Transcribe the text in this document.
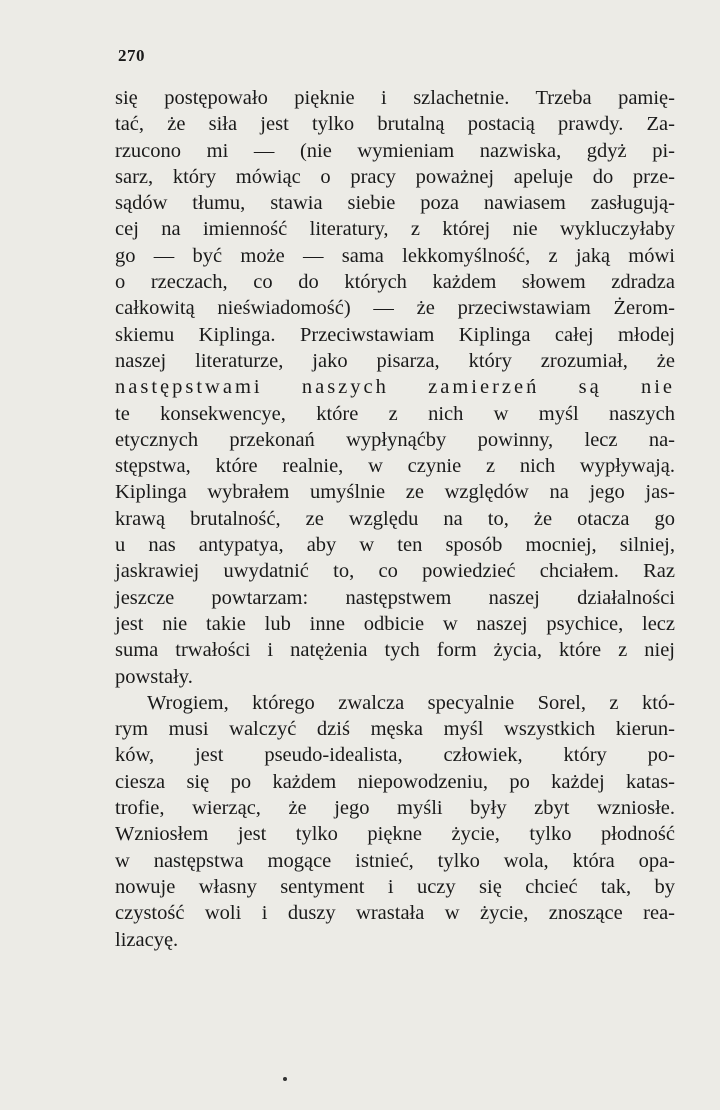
270
się postępowało pięknie i szlachetnie. Trzeba pamię-
tać, że siła jest tylko brutalną postacią prawdy. Za-
rzucono mi — (nie wymieniam nazwiska, gdyż pi-
sarz, który mówiąc o pracy poważnej apeluje do prze-
sądów tłumu, stawia siebie poza nawiasem zasługują-
cej na imienność literatury, z której nie wykluczyłaby
go — być może — sama lekkomyślność, z jaką mówi
o rzeczach, co do których każdem słowem zdradza
całkowitą nieświadomość) — że przeciwstawiam Żerom-
skiemu Kiplinga. Przeciwstawiam Kiplinga całej młodej
naszej literaturze, jako pisarza, który zrozumiał, że
następstwami naszych zamierzeń są nie
te konsekwencye, które z nich w myśl naszych
etycznych przekonań wypłynąćby powinny, lecz na-
stępstwa, które realnie, w czynie z nich wypływają.
Kiplinga wybrałem umyślnie ze względów na jego jas-
krawą brutalność, ze względu na to, że otacza go
u nas antypatya, aby w ten sposób mocniej, silniej,
jaskrawiej uwydatnić to, co powiedzieć chciałem. Raz
jeszcze powtarzam: następstwem naszej działalności
jest nie takie lub inne odbicie w naszej psychice, lecz
suma trwałości i natężenia tych form życia, które z niej
powstały.
Wrogiem, którego zwalcza specyalnie Sorel, z któ-
rym musi walczyć dziś męska myśl wszystkich kierun-
ków, jest pseudo-idealista, człowiek, który po-
ciesza się po każdem niepowodzeniu, po każdej katas-
trofie, wierząc, że jego myśli były zbyt wzniosłe.
Wzniosłem jest tylko piękne życie, tylko płodność
w następstwa mogące istnieć, tylko wola, która opa-
nowuje własny sentyment i uczy się chcieć tak, by
czystość woli i duszy wrastała w życie, znoszące rea-
lizacyę.
